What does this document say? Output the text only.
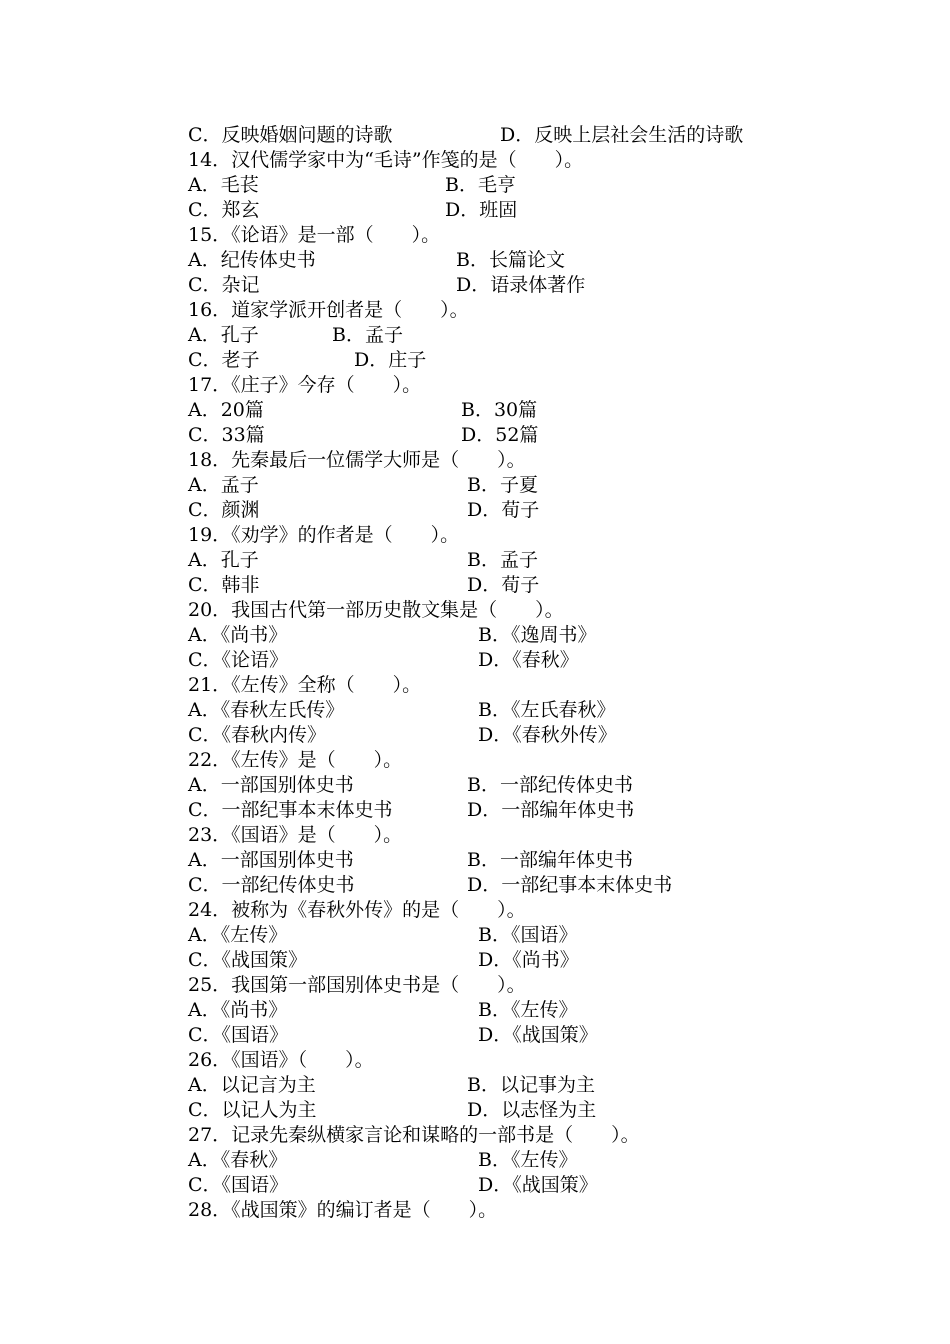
C．反映婚姻问题的诗歌	D．反映上层社会生活的诗歌
14．汉代儒学家中为“毛诗”作笺的是（　　）。
A．毛苌	B．毛亨
C．郑玄	D．班固
15．《论语》是一部（　　）。
A．纪传体史书	B．长篇论文
C．杂记	D．语录体著作
16．道家学派开创者是（　　）。
A．孔子	B．孟子
C．老子	D．庄子
17．《庄子》今存（　　）。
A．20篇	B．30篇
C．33篇	D．52篇
18．先秦最后一位儒学大师是（　　）。
A．孟子	B．子夏
C．颜渊	D．荀子
19．《劝学》的作者是（　　）。
A．孔子	B．孟子
C．韩非	D．荀子
20．我国古代第一部历史散文集是（　　）。
A．《尚书》	B．《逸周书》
C．《论语》	D．《春秋》
21．《左传》全称（　　）。
A．《春秋左氏传》	B．《左氏春秋》
C．《春秋内传》	D．《春秋外传》
22．《左传》是（　　）。
A．一部国别体史书	B．一部纪传体史书
C．一部纪事本末体史书	D．一部编年体史书
23．《国语》是（　　）。
A．一部国别体史书	B．一部编年体史书
C．一部纪传体史书	D．一部纪事本末体史书
24．被称为《春秋外传》的是（　　）。
A．《左传》	B．《国语》
C．《战国策》	D．《尚书》
25．我国第一部国别体史书是（　　）。
A．《尚书》	B．《左传》
C．《国语》	D．《战国策》
26．《国语》（　　）。
A．以记言为主	B．以记事为主
C．以记人为主	D．以志怪为主
27．记录先秦纵横家言论和谋略的一部书是（　　）。
A．《春秋》	B．《左传》
C．《国语》	D．《战国策》
28．《战国策》的编订者是（　　）。
